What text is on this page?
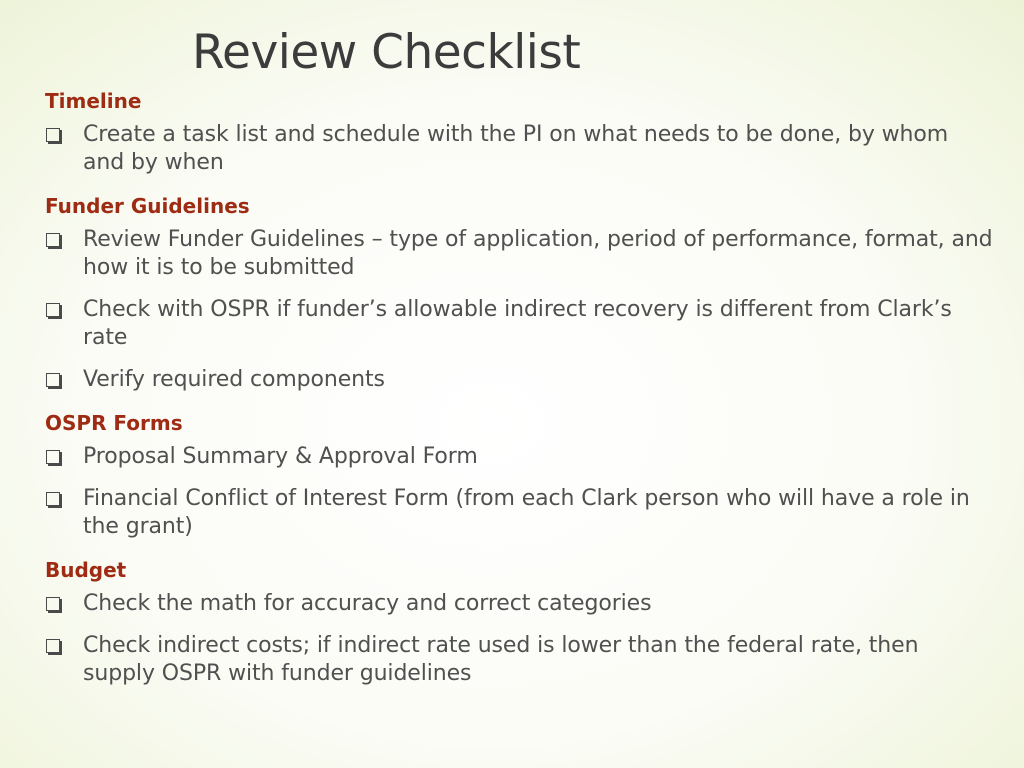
Review Checklist
Timeline
Create a task list and schedule with the PI on what needs to be done, by whom and by when
Funder Guidelines
Review Funder Guidelines – type of application, period of performance, format, and how it is to be submitted
Check with OSPR if funder’s allowable indirect recovery is different from Clark’s rate
Verify required components
OSPR Forms
Proposal Summary & Approval Form
Financial Conflict of Interest Form (from each Clark person who will have a role in the grant)
Budget
Check the math for accuracy and correct categories
Check indirect costs; if indirect rate used is lower than the federal rate, then supply OSPR with funder guidelines
